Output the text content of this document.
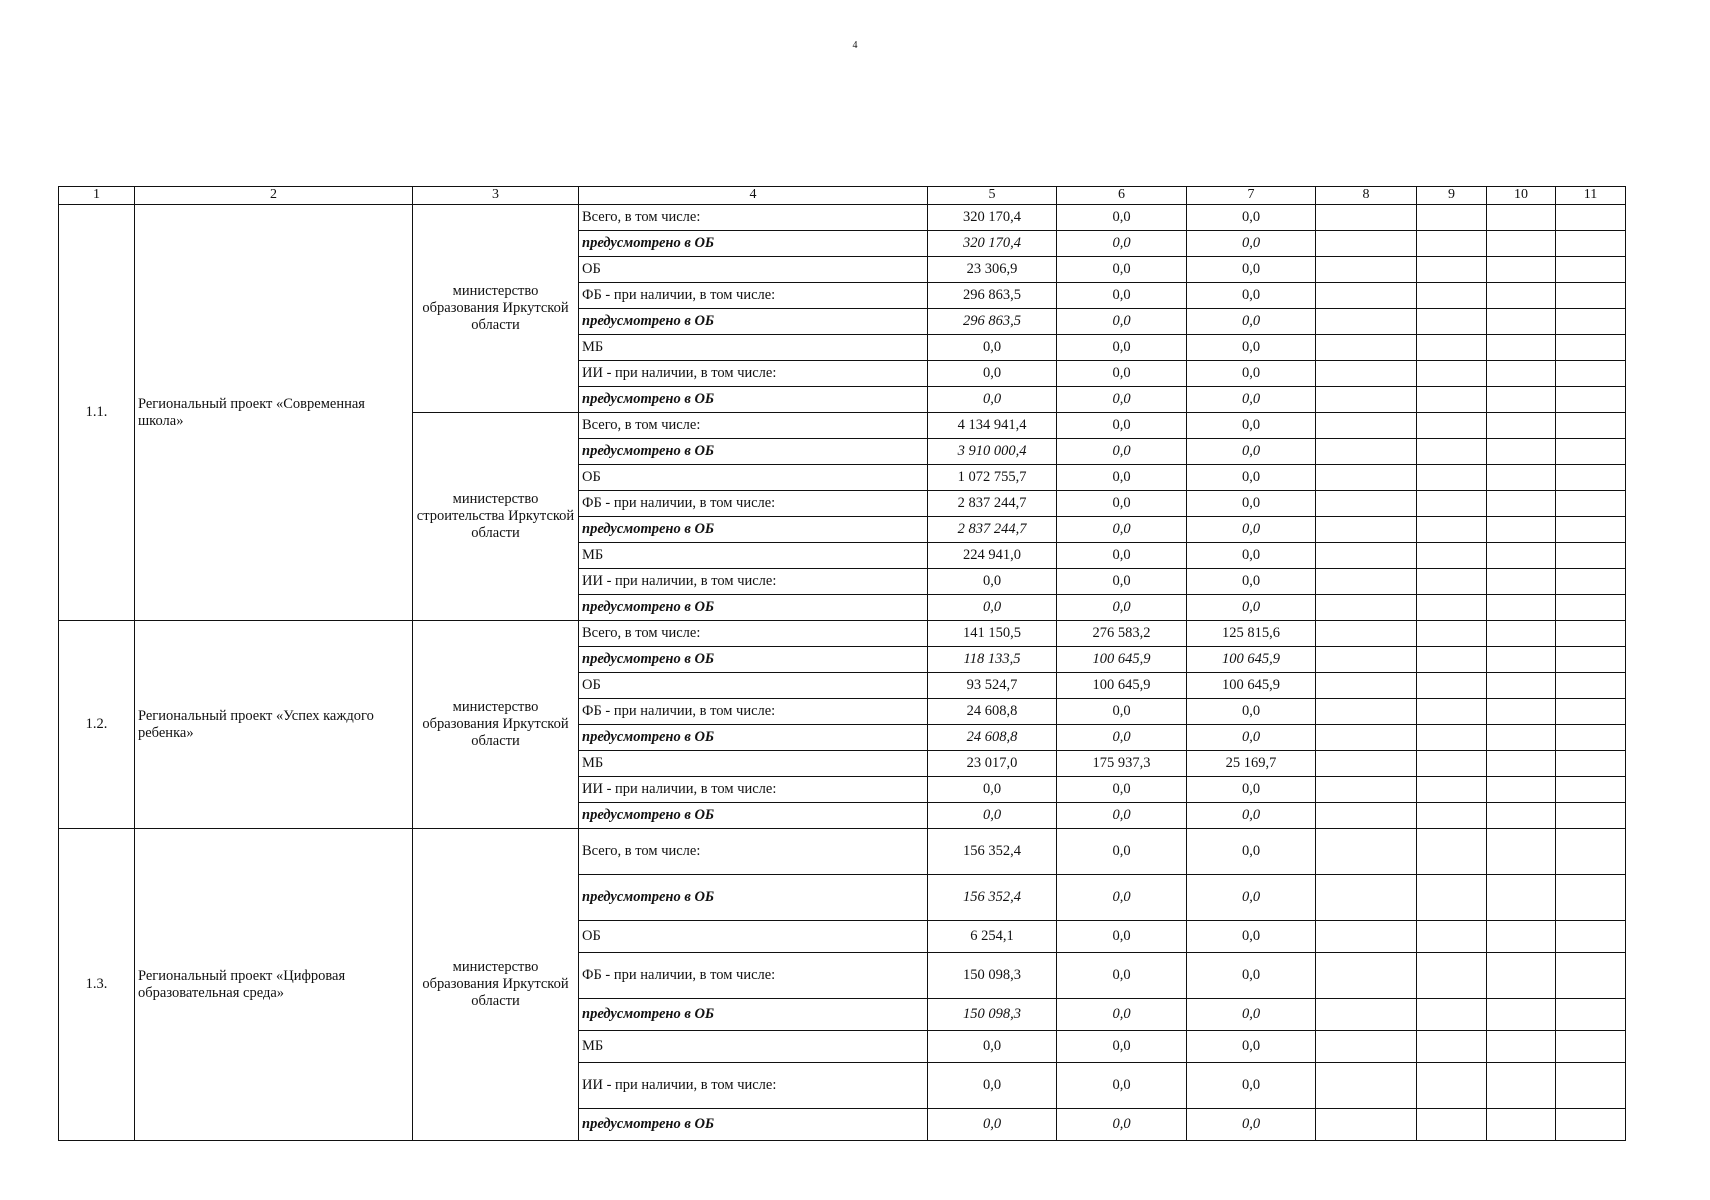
4
1	2	3	4	5	6	7	8	9	10	11
1.1.	Региональный проект «Современная школа»	министерство образования Иркутской области	Всего, в том числе:	320 170,4	0,0	0,0				
			предусмотрено в ОБ	320 170,4	0,0	0,0				
			ОБ	23 306,9	0,0	0,0				
			ФБ - при наличии, в том числе:	296 863,5	0,0	0,0				
			предусмотрено в ОБ	296 863,5	0,0	0,0				
			МБ	0,0	0,0	0,0				
			ИИ - при наличии, в том числе:	0,0	0,0	0,0				
			предусмотрено в ОБ	0,0	0,0	0,0				
		министерство строительства Иркутской области	Всего, в том числе:	4 134 941,4	0,0	0,0				
			предусмотрено в ОБ	3 910 000,4	0,0	0,0				
			ОБ	1 072 755,7	0,0	0,0				
			ФБ - при наличии, в том числе:	2 837 244,7	0,0	0,0				
			предусмотрено в ОБ	2 837 244,7	0,0	0,0				
			МБ	224 941,0	0,0	0,0				
			ИИ - при наличии, в том числе:	0,0	0,0	0,0				
			предусмотрено в ОБ	0,0	0,0	0,0				
1.2.	Региональный проект «Успех каждого ребенка»	министерство образования Иркутской области	Всего, в том числе:	141 150,5	276 583,2	125 815,6				
			предусмотрено в ОБ	118 133,5	100 645,9	100 645,9				
			ОБ	93 524,7	100 645,9	100 645,9				
			ФБ - при наличии, в том числе:	24 608,8	0,0	0,0				
			предусмотрено в ОБ	24 608,8	0,0	0,0				
			МБ	23 017,0	175 937,3	25 169,7				
			ИИ - при наличии, в том числе:	0,0	0,0	0,0				
			предусмотрено в ОБ	0,0	0,0	0,0				
1.3.	Региональный проект «Цифровая образовательная среда»	министерство образования Иркутской области	Всего, в том числе:	156 352,4	0,0	0,0				
			предусмотрено в ОБ	156 352,4	0,0	0,0				
			ОБ	6 254,1	0,0	0,0				
			ФБ - при наличии, в том числе:	150 098,3	0,0	0,0				
			предусмотрено в ОБ	150 098,3	0,0	0,0				
			МБ	0,0	0,0	0,0				
			ИИ - при наличии, в том числе:	0,0	0,0	0,0				
			предусмотрено в ОБ	0,0	0,0	0,0				
